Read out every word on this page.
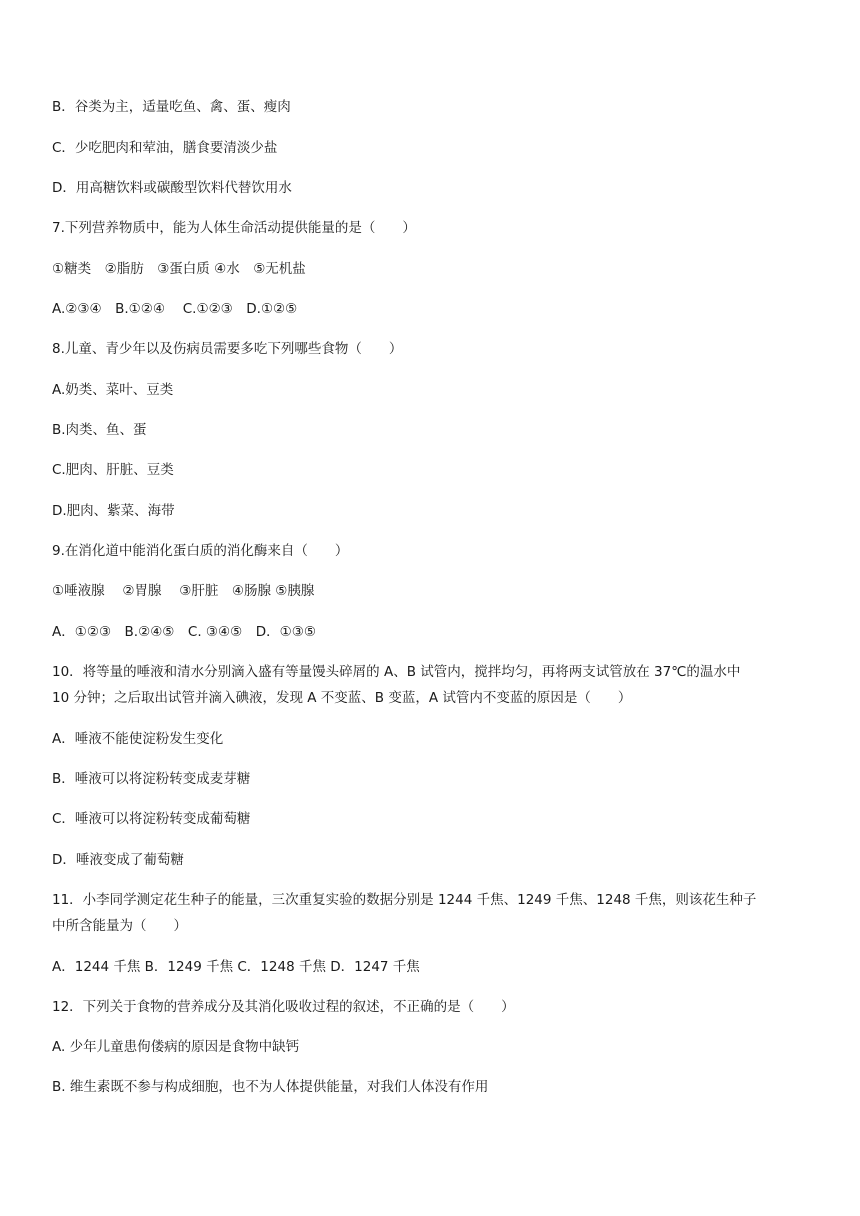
B．谷类为主，适量吃鱼、禽、蛋、瘦肉

C．少吃肥肉和荤油，膳食要清淡少盐

D．用高糖饮料或碳酸型饮料代替饮用水

7.下列营养物质中，能为人体生命活动提供能量的是（　　）

①糖类　②脂肪　③蛋白质 ④水　⑤无机盐

A.②③④　B.①②④　 C.①②③　D.①②⑤

8.儿童、青少年以及伤病员需要多吃下列哪些食物（　　）

A.奶类、菜叶、豆类

B.肉类、鱼、蛋

C.肥肉、肝脏、豆类

D.肥肉、紫菜、海带

9.在消化道中能消化蛋白质的消化酶来自（　　）

①唾液腺　 ②胃腺　 ③肝脏　④肠腺 ⑤胰腺

A．①②③　B.②④⑤　C. ③④⑤　D．①③⑤

10．将等量的唾液和清水分别滴入盛有等量馒头碎屑的 A、B 试管内，搅拌均匀，再将两支试管放在 37℃的温水中

10 分钟；之后取出试管并滴入碘液，发现 A 不变蓝、B 变蓝，A 试管内不变蓝的原因是（　　）

A．唾液不能使淀粉发生变化

B．唾液可以将淀粉转变成麦芽糖

C．唾液可以将淀粉转变成葡萄糖

D．唾液变成了葡萄糖

11．小李同学测定花生种子的能量，三次重复实验的数据分别是 1244 千焦、1249 千焦、1248 千焦，则该花生种子

中所含能量为（　　）

A．1244 千焦 B．1249 千焦 C．1248 千焦 D．1247 千焦

12．下列关于食物的营养成分及其消化吸收过程的叙述，不正确的是（　　）

A. 少年儿童患佝偻病的原因是食物中缺钙

B. 维生素既不参与构成细胞，也不为人体提供能量，对我们人体没有作用
